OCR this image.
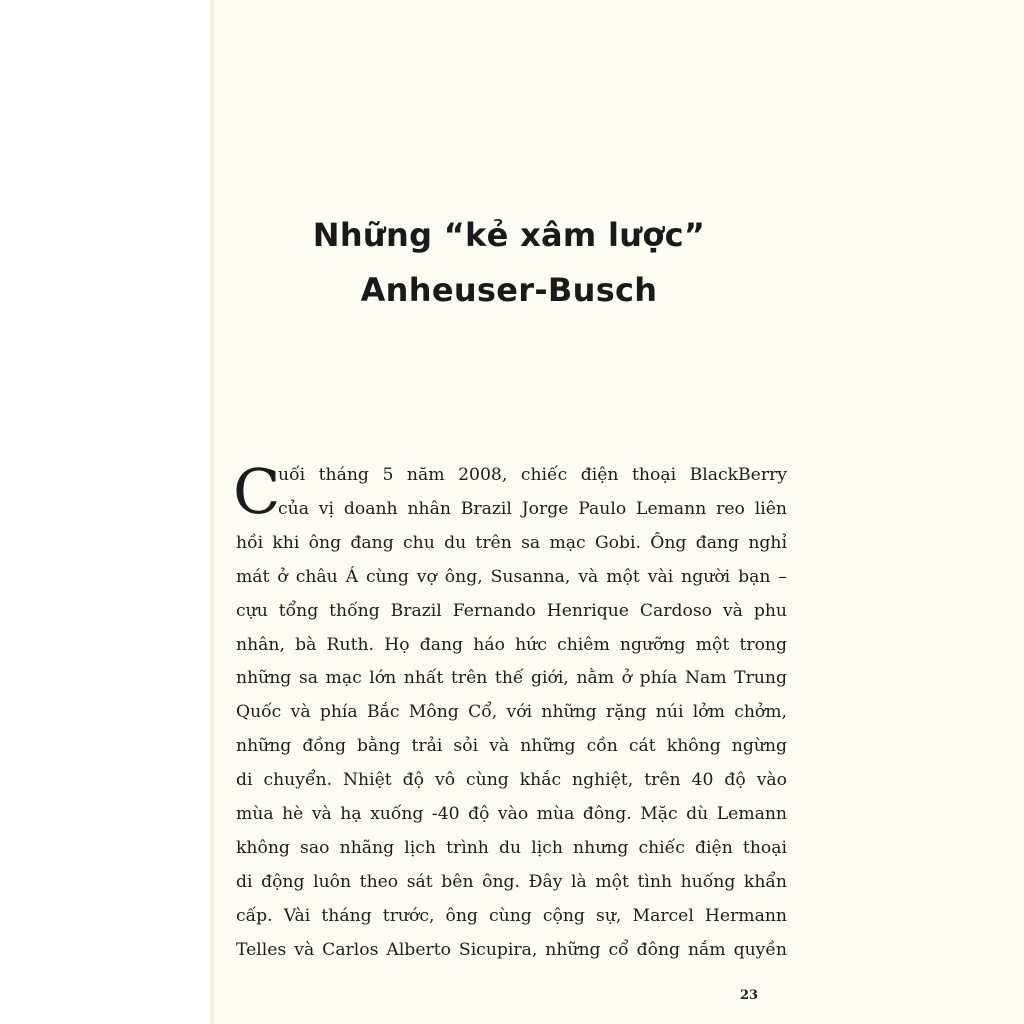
Những “kẻ xâm lược”
Anheuser-Busch
C
uối tháng 5 năm 2008, chiếc điện thoại BlackBerry
của vị doanh nhân Brazil Jorge Paulo Lemann reo liên
hồi khi ông đang chu du trên sa mạc Gobi. Ông đang nghỉ
mát ở châu Á cùng vợ ông, Susanna, và một vài người bạn –
cựu tổng thống Brazil Fernando Henrique Cardoso và phu
nhân, bà Ruth. Họ đang háo hức chiêm ngưỡng một trong
những sa mạc lớn nhất trên thế giới, nằm ở phía Nam Trung
Quốc và phía Bắc Mông Cổ, với những rặng núi lởm chởm,
những đồng bằng trải sỏi và những cồn cát không ngừng
di chuyển. Nhiệt độ vô cùng khắc nghiệt, trên 40 độ vào
mùa hè và hạ xuống -40 độ vào mùa đông. Mặc dù Lemann
không sao nhãng lịch trình du lịch nhưng chiếc điện thoại
di động luôn theo sát bên ông. Đây là một tình huống khẩn
cấp. Vài tháng trước, ông cùng cộng sự, Marcel Hermann
Telles và Carlos Alberto Sicupira, những cổ đông nắm quyền
23
